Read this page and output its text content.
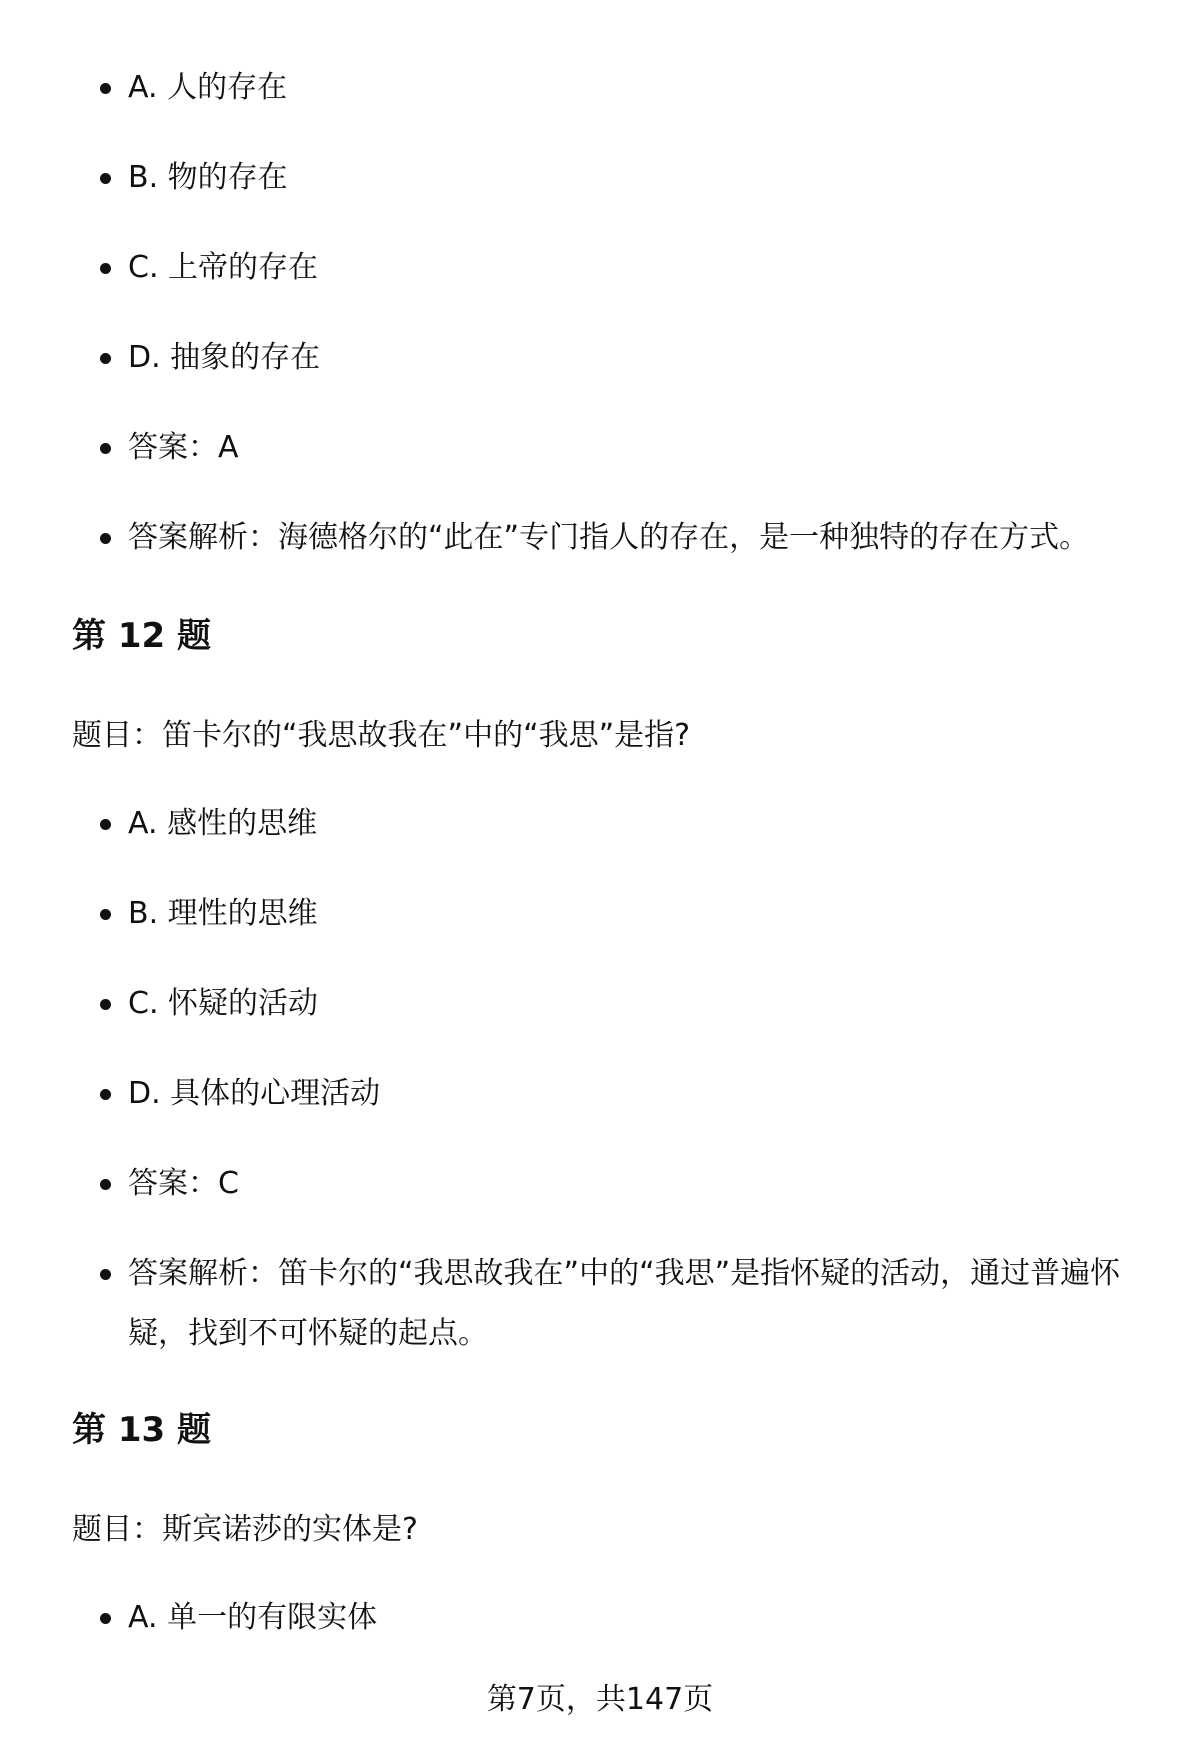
A. 人的存在
B. 物的存在
C. 上帝的存在
D. 抽象的存在
答案：A
答案解析：海德格尔的“此在”专门指人的存在，是一种独特的存在方式。
第 12 题
题目：笛卡尔的“我思故我在”中的“我思”是指?
A. 感性的思维
B. 理性的思维
C. 怀疑的活动
D. 具体的心理活动
答案：C
答案解析：笛卡尔的“我思故我在”中的“我思”是指怀疑的活动，通过普遍怀疑，找到不可怀疑的起点。
第 13 题
题目：斯宾诺莎的实体是?
A. 单一的有限实体
第7页，共147页
